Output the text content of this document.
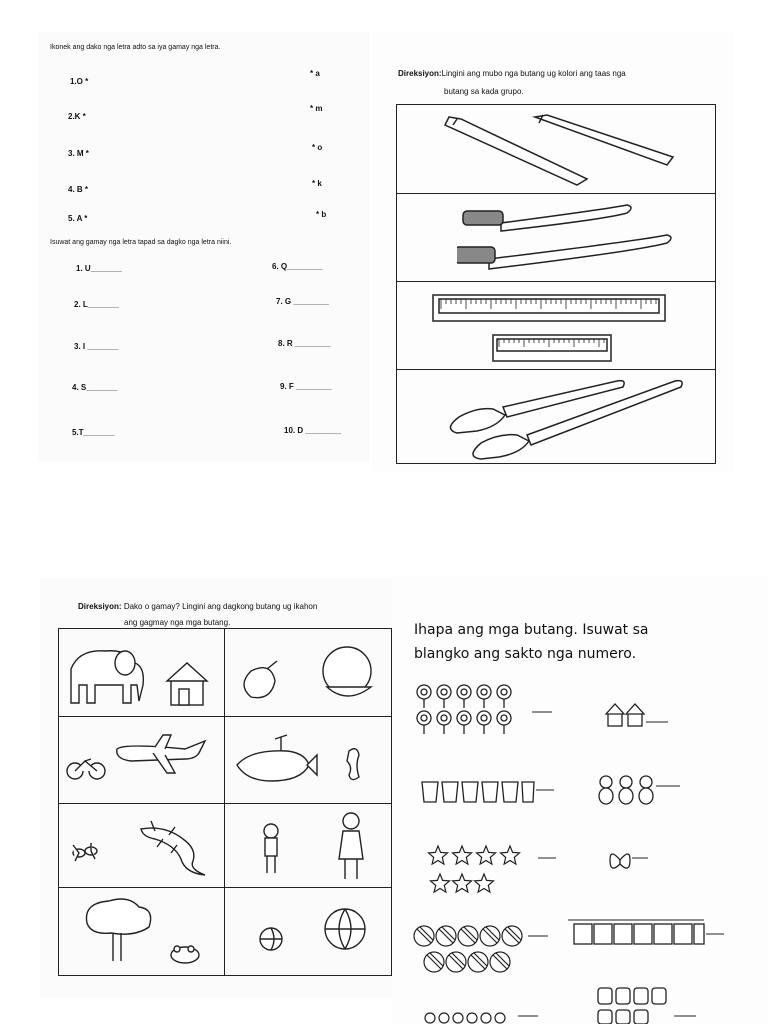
Ikonek ang dako nga letra adto sa iya gamay nga letra.
1.O *
2.K *
3. M *
4. B *
5. A *
* a
* m
* o
* k
* b
Isuwat ang gamay nga letra tapad sa dagko nga letra niini.
1. U_______
2. L_______
3. I _______
4. S_______
5.T_______
6. Q________
7. G ________
8. R ________
9. F ________
10. D ________
Direksiyon:Lingini ang mubo nga butang ug kolori ang taas nga
butang sa kada grupo.
Direksiyon: Dako o gamay? Lingini ang dagkong butang ug ikahon
ang gagmay nga mga butang.	Ihapa ang mga butang. Isuwat sa
blangko ang sakto nga numero.
